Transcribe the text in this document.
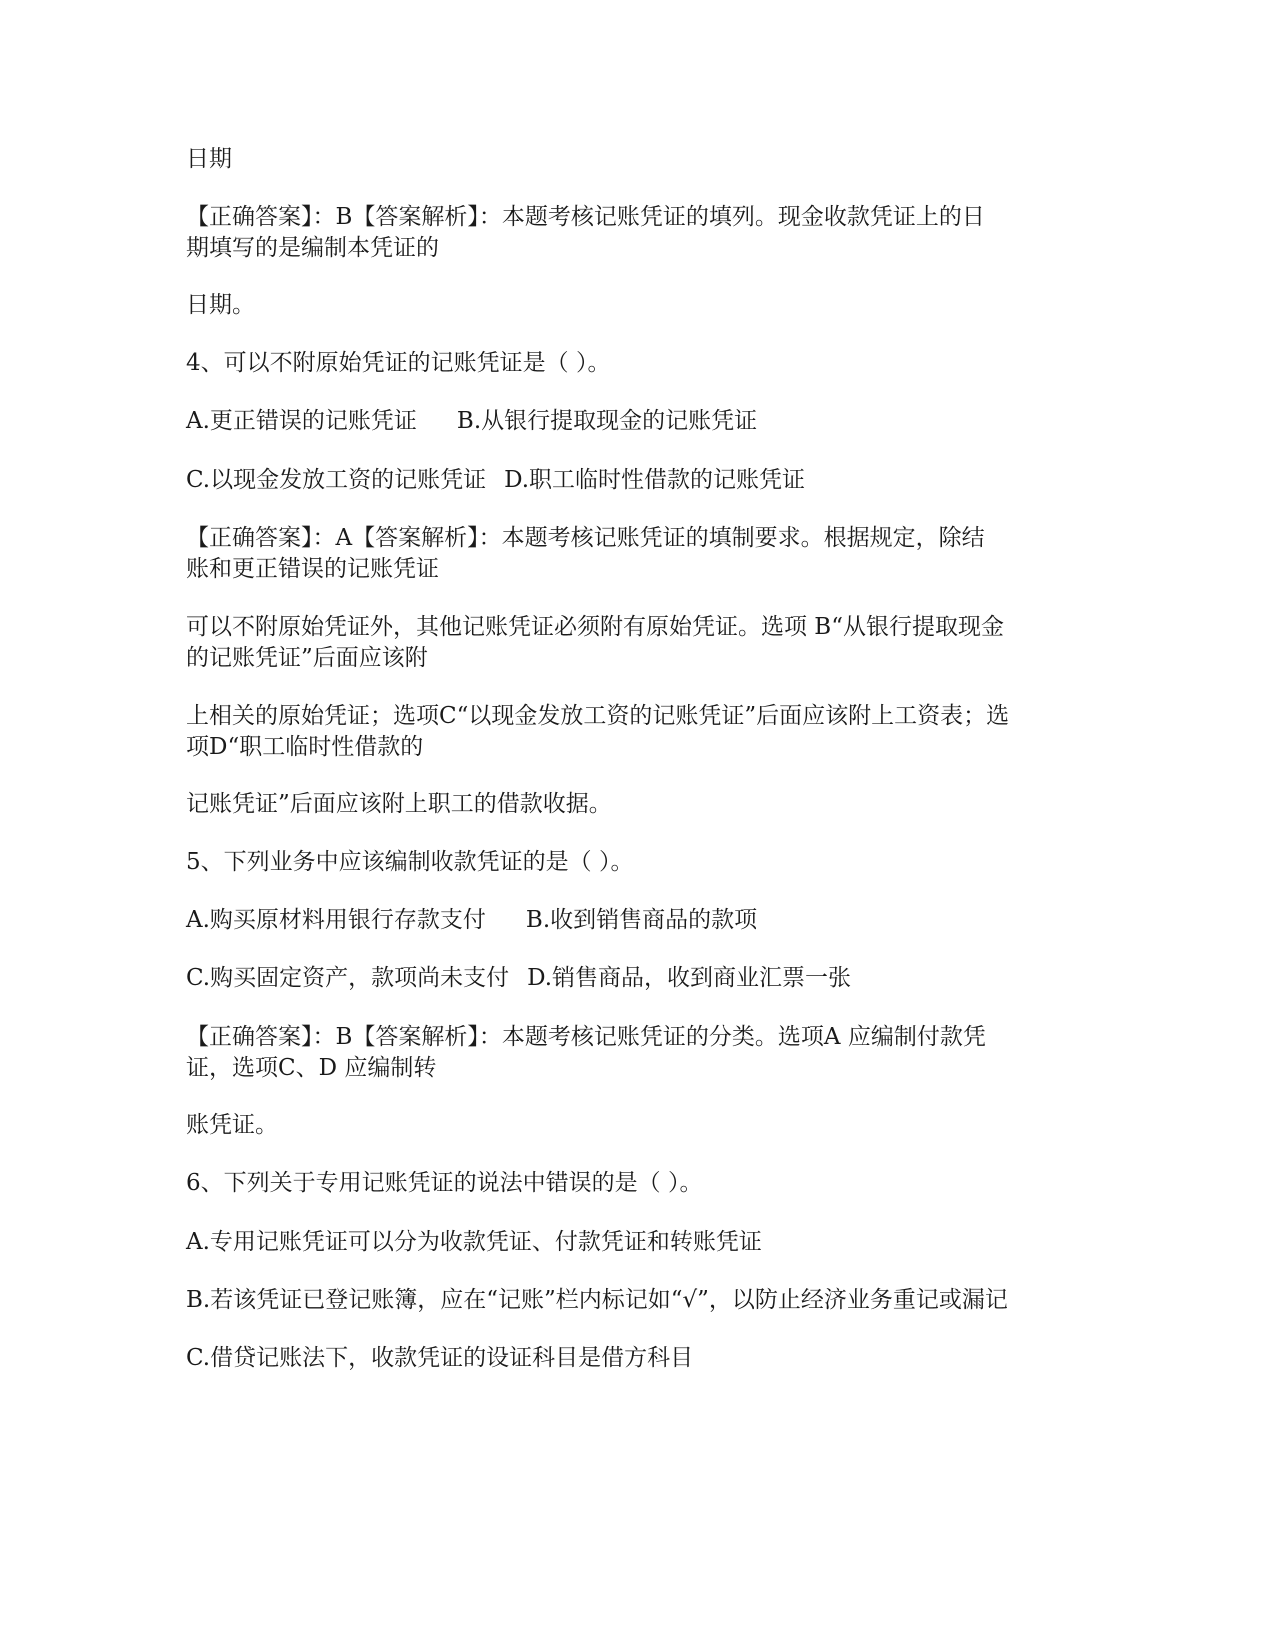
日期

【正确答案】：B【答案解析】：本题考核记账凭证的填列。现金收款凭证上的日

期填写的是编制本凭证的

日期。

4、可以不附原始凭证的记账凭证是（ ）。

A.更正错误的记账凭证 B.从银行提取现金的记账凭证

C.以现金发放工资的记账凭证 D.职工临时性借款的记账凭证

【正确答案】：A【答案解析】：本题考核记账凭证的填制要求。根据规定，除结

账和更正错误的记账凭证

可以不附原始凭证外，其他记账凭证必须附有原始凭证。选项 B“从银行提取现金

的记账凭证”后面应该附

上相关的原始凭证；选项C“以现金发放工资的记账凭证”后面应该附上工资表；选

项D“职工临时性借款的

记账凭证”后面应该附上职工的借款收据。

5、下列业务中应该编制收款凭证的是（ ）。

A.购买原材料用银行存款支付 B.收到销售商品的款项

C.购买固定资产，款项尚未支付 D.销售商品，收到商业汇票一张

【正确答案】：B【答案解析】：本题考核记账凭证的分类。选项A 应编制付款凭

证，选项C、D 应编制转

账凭证。

6、下列关于专用记账凭证的说法中错误的是（ ）。

A.专用记账凭证可以分为收款凭证、付款凭证和转账凭证

B.若该凭证已登记账簿，应在“记账”栏内标记如“√”，以防止经济业务重记或漏记

C.借贷记账法下，收款凭证的设证科目是借方科目
